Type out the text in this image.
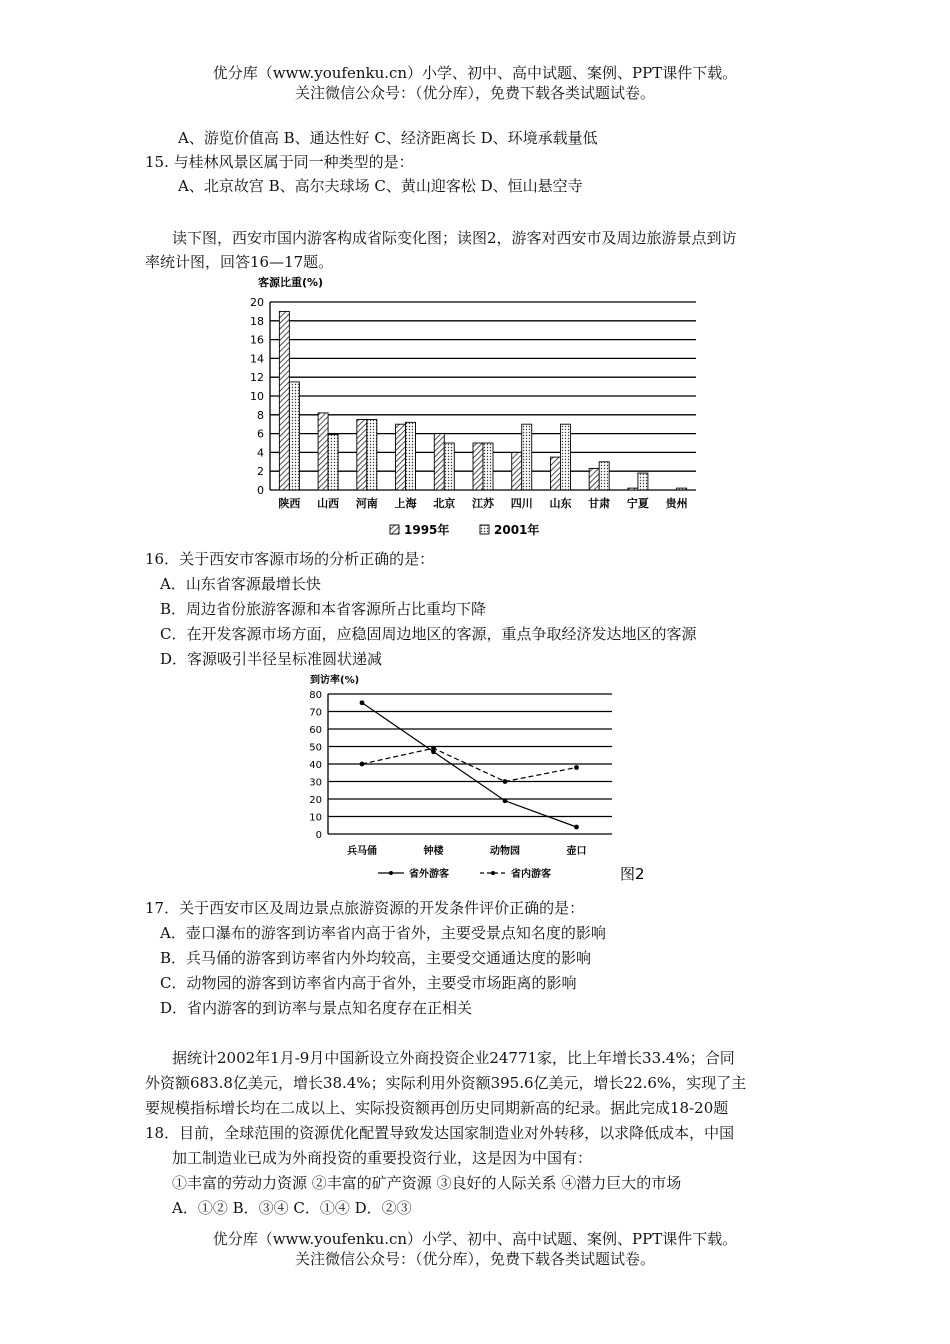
优分库（www.youfenku.cn）小学、初中、高中试题、案例、PPT课件下载。
关注微信公众号：（优分库），免费下载各类试题试卷。
A、游览价值高 B、通达性好 C、经济距离长 D、环境承载量低
15. 与桂林风景区属于同一种类型的是：
A、北京故宫 B、高尔夫球场 C、黄山迎客松 D、恒山悬空寺
读下图，西安市国内游客构成省际变化图；读图2，游客对西安市及周边旅游景点到访
率统计图，回答16—17题。
客源比重(%)
0
2
4
6
8
10
12
14
16
18
20
陕西 山西 河南 上海 北京 江苏 四川 山东 甘肃 宁夏 贵州
1995年	2001年
16．关于西安市客源市场的分析正确的是：
A．山东省客源最增长快
B．周边省份旅游客源和本省客源所占比重均下降
C．在开发客源市场方面，应稳固周边地区的客源，重点争取经济发达地区的客源
D．客源吸引半径呈标准圆状递减
到访率(%)
0
10
20
30
40
50
60
70
80
兵马俑	钟楼	动物园	壶口
省外游客	省内游客	图2
17．关于西安市区及周边景点旅游资源的开发条件评价正确的是：
A．壶口瀑布的游客到访率省内高于省外，主要受景点知名度的影响
B．兵马俑的游客到访率省内外均较高，主要受交通通达度的影响
C．动物园的游客到访率省内高于省外，主要受市场距离的影响
D．省内游客的到访率与景点知名度存在正相关
据统计2002年1月-9月中国新设立外商投资企业24771家，比上年增长33.4%；合同
外资额683.8亿美元，增长38.4%；实际利用外资额395.6亿美元，增长22.6%，实现了主
要规模指标增长均在二成以上、实际投资额再创历史同期新高的纪录。据此完成18-20题
18．目前，全球范围的资源优化配置导致发达国家制造业对外转移，以求降低成本，中国
加工制造业已成为外商投资的重要投资行业，这是因为中国有：
①丰富的劳动力资源 ②丰富的矿产资源 ③良好的人际关系 ④潜力巨大的市场
A．①② B．③④ C．①④ D．②③
优分库（www.youfenku.cn）小学、初中、高中试题、案例、PPT课件下载。
关注微信公众号：（优分库），免费下载各类试题试卷。
